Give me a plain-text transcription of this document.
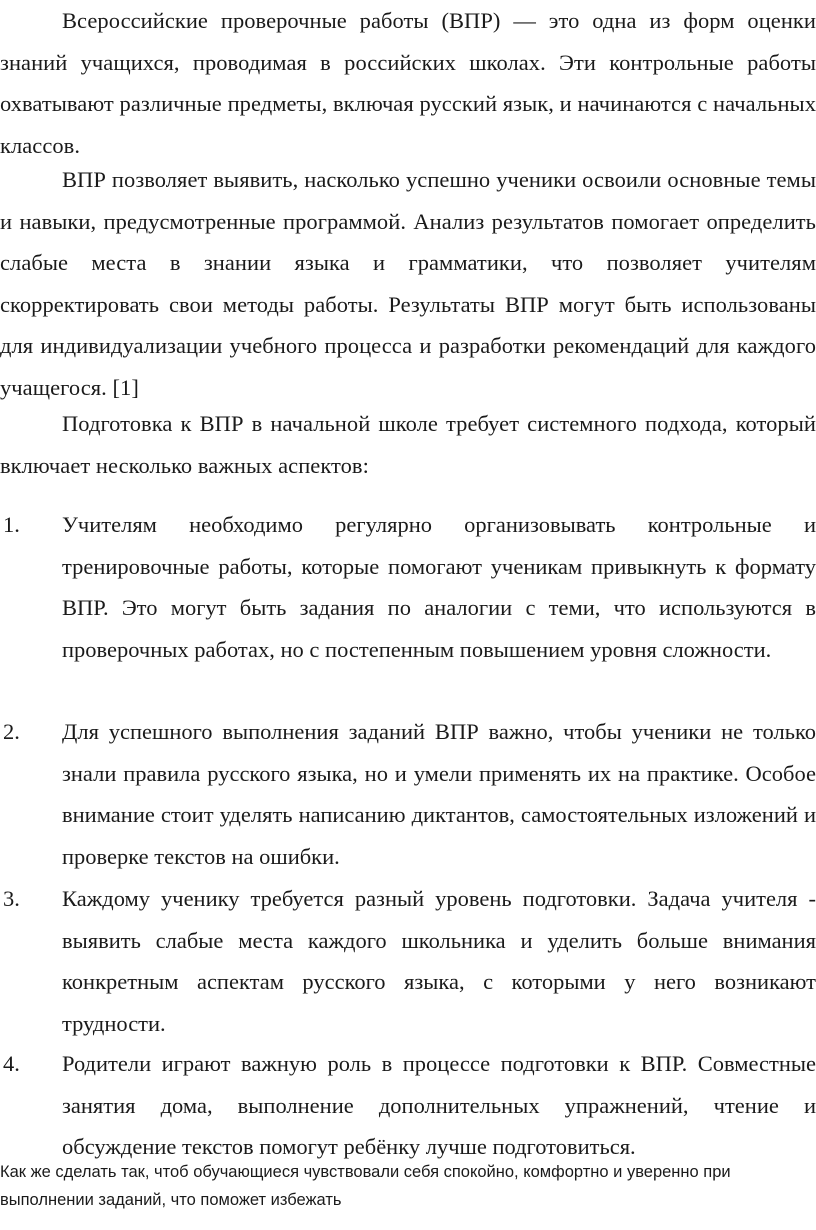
Всероссийские проверочные работы (ВПР) — это одна из форм оценки знаний учащихся, проводимая в российских школах. Эти контрольные работы охватывают различные предметы, включая русский язык, и начинаются с начальных классов.

ВПР позволяет выявить, насколько успешно ученики освоили основные темы и навыки, предусмотренные программой. Анализ результатов помогает определить слабые места в знании языка и грамматики, что позволяет учителям скорректировать свои методы работы. Результаты ВПР могут быть использованы для индивидуализации учебного процесса и разработки рекомендаций для каждого учащегося. [1]

Подготовка к ВПР в начальной школе требует системного подхода, который включает несколько важных аспектов:

1. Учителям необходимо регулярно организовывать контрольные и тренировочные работы, которые помогают ученикам привыкнуть к формату ВПР. Это могут быть задания по аналогии с теми, что используются в проверочных работах, но с постепенным повышением уровня сложности.
2. Для успешного выполнения заданий ВПР важно, чтобы ученики не только знали правила русского языка, но и умели применять их на практике. Особое внимание стоит уделять написанию диктантов, самостоятельных изложений и проверке текстов на ошибки.
3. Каждому ученику требуется разный уровень подготовки. Задача учителя - выявить слабые места каждого школьника и уделить больше внимания конкретным аспектам русского языка, с которыми у него возникают трудности.
4. Родители играют важную роль в процессе подготовки к ВПР. Совместные занятия дома, выполнение дополнительных упражнений, чтение и обсуждение текстов помогут ребёнку лучше подготовиться.

Как же сделать так, чтоб обучающиеся чувствовали себя спокойно, комфортно и уверенно при выполнении заданий, что поможет избежать
